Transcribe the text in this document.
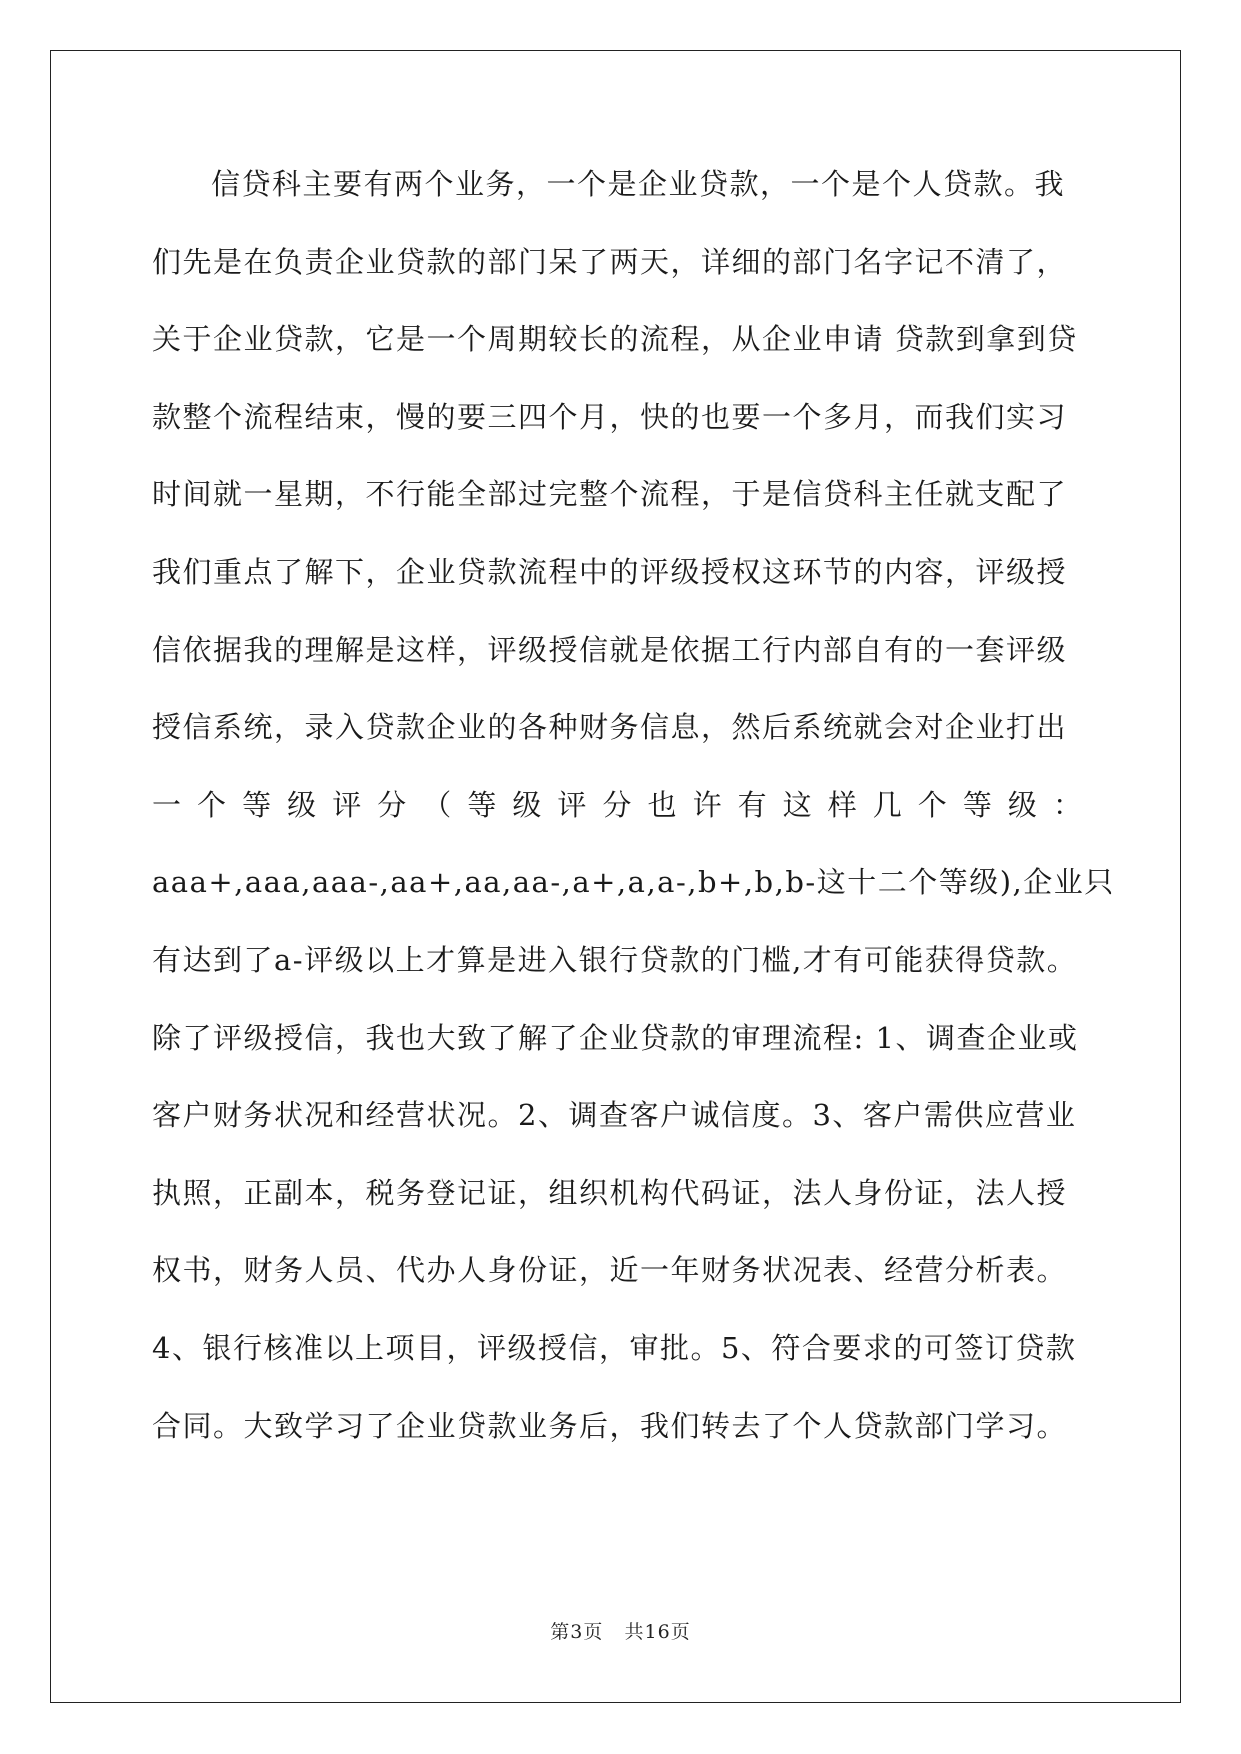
信贷科主要有两个业务，一个是企业贷款，一个是个人贷款。我
们先是在负责企业贷款的部门呆了两天，详细的部门名字记不清了，
关于企业贷款，它是一个周期较长的流程，从企业申请 贷款到拿到贷
款整个流程结束，慢的要三四个月，快的也要一个多月，而我们实习
时间就一星期，不行能全部过完整个流程，于是信贷科主任就支配了
我们重点了解下，企业贷款流程中的评级授权这环节的内容，评级授
信依据我的理解是这样，评级授信就是依据工行内部自有的一套评级
授信系统，录入贷款企业的各种财务信息，然后系统就会对企业打出
一 个 等 级 评 分 （ 等 级 评 分 也 许 有 这 样 几 个 等 级 ：
aaa+,aaa,aaa-,aa+,aa,aa-,a+,a,a-,b+,b,b-这十二个等级),企业只
有达到了a-评级以上才算是进入银行贷款的门槛,才有可能获得贷款。
除了评级授信，我也大致了解了企业贷款的审理流程: 1、调查企业或
客户财务状况和经营状况。2、调查客户诚信度。3、客户需供应营业
执照，正副本，税务登记证，组织机构代码证，法人身份证，法人授
权书，财务人员、代办人身份证，近一年财务状况表、经营分析表。
4、银行核准以上项目，评级授信，审批。5、符合要求的可签订贷款
合同。大致学习了企业贷款业务后，我们转去了个人贷款部门学习。
第3页 共16页
